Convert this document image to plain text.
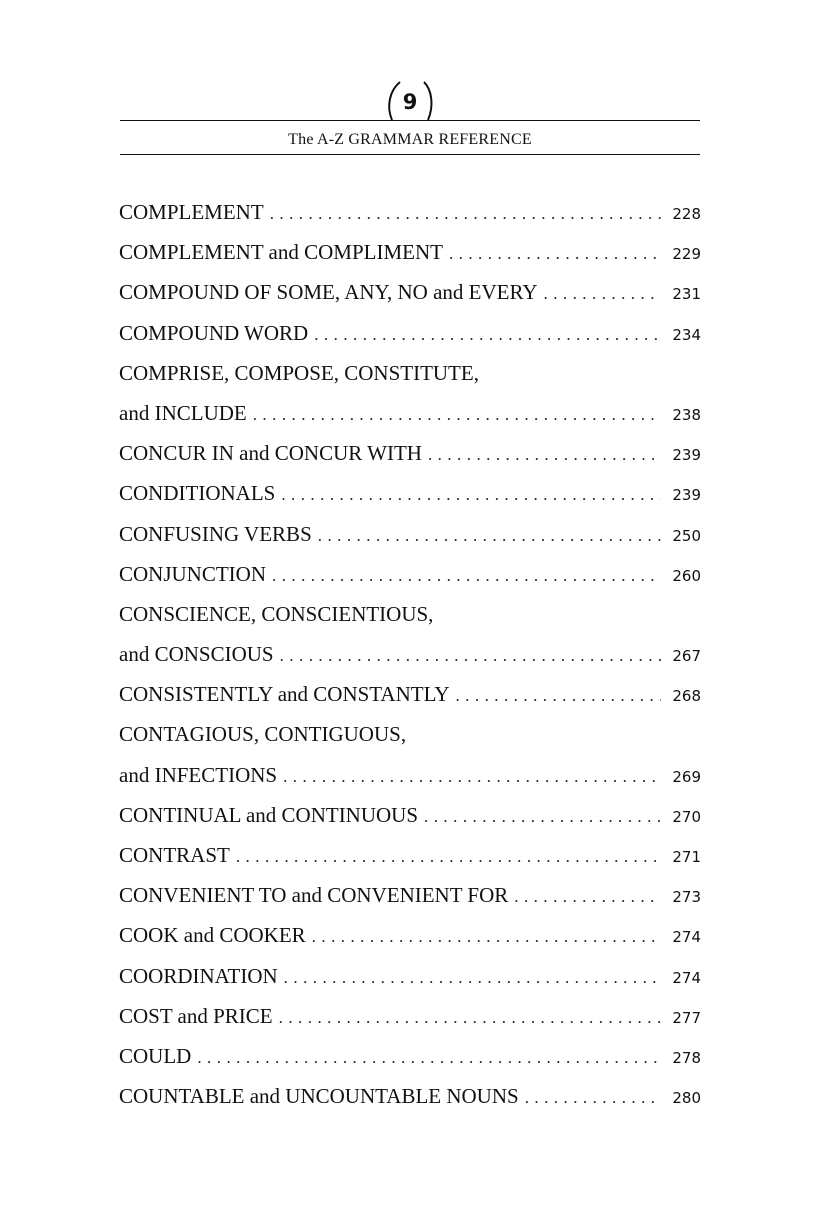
9
The A-Z GRAMMAR REFERENCE
COMPLEMENT . . .	228
COMPLEMENT and COMPLIMENT . . .	229
COMPOUND OF SOME, ANY, NO and EVERY . . .	231
COMPOUND WORD . . .	234
COMPRISE, COMPOSE, CONSTITUTE,
and INCLUDE . . .	238
CONCUR IN and CONCUR WITH . . .	239
CONDITIONALS . . .	239
CONFUSING VERBS . . .	250
CONJUNCTION . . .	260
CONSCIENCE, CONSCIENTIOUS,
and CONSCIOUS . . .	267
CONSISTENTLY and CONSTANTLY . . .	268
CONTAGIOUS, CONTIGUOUS,
and INFECTIONS . . .	269
CONTINUAL and CONTINUOUS . . .	270
CONTRAST . . .	271
CONVENIENT TO and CONVENIENT FOR . . .	273
COOK and COOKER . . .	274
COORDINATION . . .	274
COST and PRICE . . .	277
COULD . . .	278
COUNTABLE and UNCOUNTABLE NOUNS . . .	280
